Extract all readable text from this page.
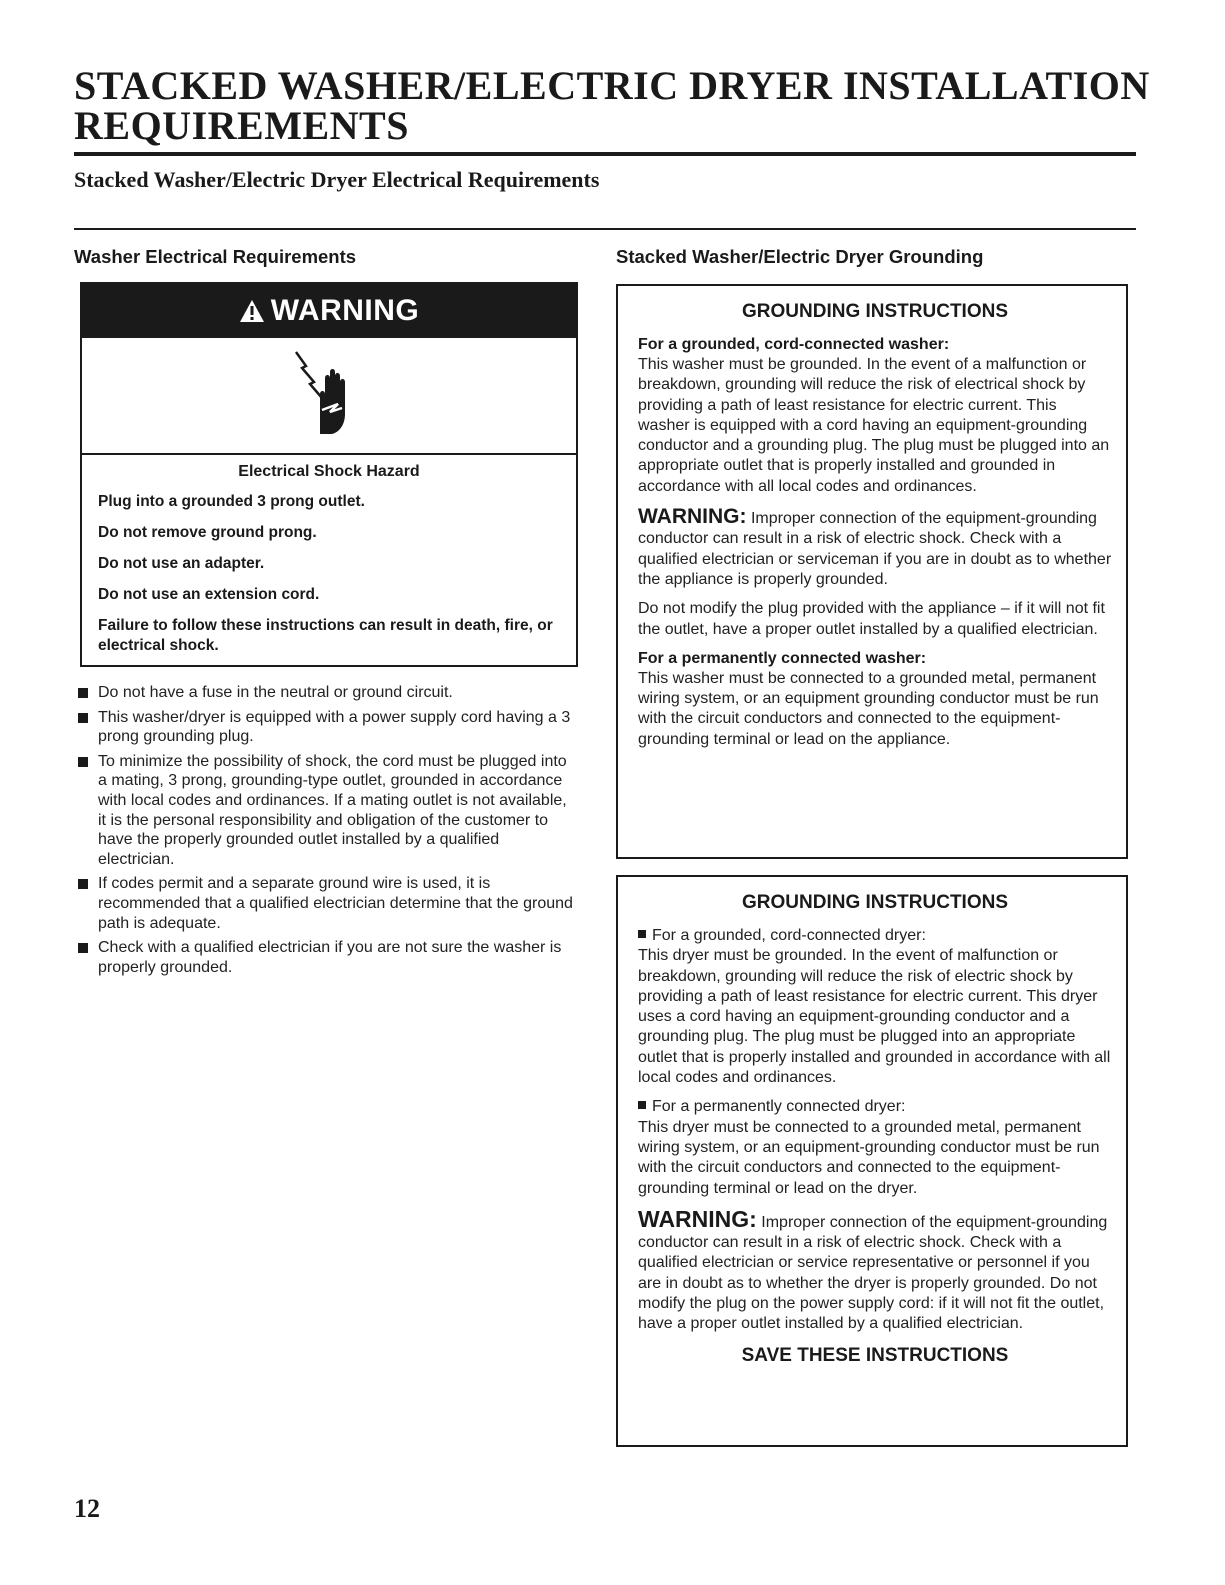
STACKED WASHER/ELECTRIC DRYER INSTALLATION REQUIREMENTS
Stacked Washer/Electric Dryer Electrical Requirements
Washer Electrical Requirements	Stacked Washer/Electric Dryer Grounding
WARNING
Electrical Shock Hazard
Plug into a grounded 3 prong outlet.
Do not remove ground prong.
Do not use an adapter.
Do not use an extension cord.
Failure to follow these instructions can result in death, fire, or electrical shock.
Do not have a fuse in the neutral or ground circuit.
This washer/dryer is equipped with a power supply cord having a 3 prong grounding plug.
To minimize the possibility of shock, the cord must be plugged into a mating, 3 prong, grounding-type outlet, grounded in accordance with local codes and ordinances. If a mating outlet is not available, it is the personal responsibility and obligation of the customer to have the properly grounded outlet installed by a qualified electrician.
If codes permit and a separate ground wire is used, it is recommended that a qualified electrician determine that the ground path is adequate.
Check with a qualified electrician if you are not sure the washer is properly grounded.
GROUNDING INSTRUCTIONS
For a grounded, cord-connected washer:
This washer must be grounded. In the event of a malfunction or breakdown, grounding will reduce the risk of electrical shock by providing a path of least resistance for electric current. This washer is equipped with a cord having an equipment-grounding conductor and a grounding plug. The plug must be plugged into an appropriate outlet that is properly installed and grounded in accordance with all local codes and ordinances.
WARNING: Improper connection of the equipment-grounding conductor can result in a risk of electric shock. Check with a qualified electrician or serviceman if you are in doubt as to whether the appliance is properly grounded.
Do not modify the plug provided with the appliance – if it will not fit the outlet, have a proper outlet installed by a qualified electrician.
For a permanently connected washer:
This washer must be connected to a grounded metal, permanent wiring system, or an equipment grounding conductor must be run with the circuit conductors and connected to the equipment-grounding terminal or lead on the appliance.
GROUNDING INSTRUCTIONS
For a grounded, cord-connected dryer:
This dryer must be grounded. In the event of malfunction or breakdown, grounding will reduce the risk of electric shock by providing a path of least resistance for electric current. This dryer uses a cord having an equipment-grounding conductor and a grounding plug. The plug must be plugged into an appropriate outlet that is properly installed and grounded in accordance with all local codes and ordinances.
For a permanently connected dryer:
This dryer must be connected to a grounded metal, permanent wiring system, or an equipment-grounding conductor must be run with the circuit conductors and connected to the equipment-grounding terminal or lead on the dryer.
WARNING: Improper connection of the equipment-grounding conductor can result in a risk of electric shock. Check with a qualified electrician or service representative or personnel if you are in doubt as to whether the dryer is properly grounded. Do not modify the plug on the power supply cord: if it will not fit the outlet, have a proper outlet installed by a qualified electrician.
SAVE THESE INSTRUCTIONS
12
